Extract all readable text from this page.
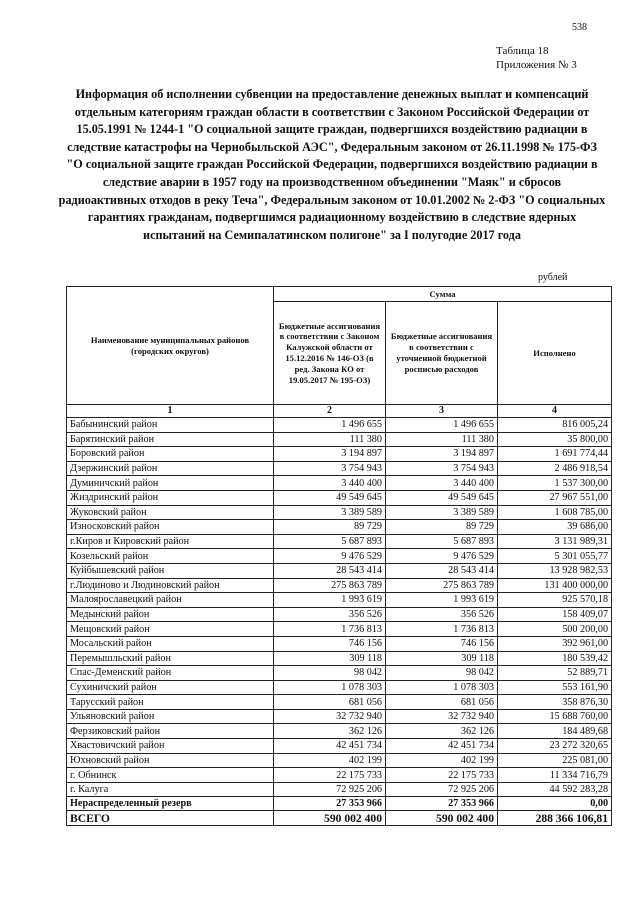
538
Таблица 18
Приложения № 3
Информация об исполнении субвенции на предоставление денежных выплат и компенсаций отдельным категориям граждан области в соответствии с Законом Российской Федерации от 15.05.1991 № 1244-1 "О социальной защите граждан, подвергшихся воздействию радиации в следствие катастрофы на Чернобыльской АЭС", Федеральным законом от 26.11.1998 № 175-ФЗ "О социальной защите граждан Российской Федерации, подвергшихся воздействию радиации в следствие аварии в 1957 году на производственном объединении "Маяк" и сбросов радиоактивных отходов в реку Теча", Федеральным законом от 10.01.2002 № 2-ФЗ "О социальных гарантиях гражданам, подвергшимся радиационному воздействию в следствие ядерных испытаний на Семипалатинском полигоне" за I полугодие 2017 года
рублей
Наименование муниципальных районов (городских округов)	Сумма		
	Бюджетные ассигнования в соответствии с Законом Калужской области от 15.12.2016 № 146-ОЗ (в ред. Закона КО от 19.05.2017 № 195-ОЗ)	Бюджетные ассигнования в соответствии с уточненной бюджетной росписью расходов	Исполнено
1	2	3	4
Бабынинский район	1 496 655	1 496 655	816 005,24
Барятинский район	111 380	111 380	35 800,00
Боровский район	3 194 897	3 194 897	1 691 774,44
Дзержинский район	3 754 943	3 754 943	2 486 918,54
Думиничский район	3 440 400	3 440 400	1 537 300,00
Жиздринский район	49 549 645	49 549 645	27 967 551,00
Жуковский район	3 389 589	3 389 589	1 608 785,00
Износковский район	89 729	89 729	39 686,00
г.Киров и Кировский район	5 687 893	5 687 893	3 131 989,31
Козельский район	9 476 529	9 476 529	5 301 055,77
Куйбышевский район	28 543 414	28 543 414	13 928 982,53
г.Людиново и Людиновский район	275 863 789	275 863 789	131 400 000,00
Малоярославецкий район	1 993 619	1 993 619	925 570,18
Медынский район	356 526	356 526	158 409,07
Мещовский район	1 736 813	1 736 813	500 200,00
Мосальский район	746 156	746 156	392 961,00
Перемышльский район	309 118	309 118	180 539,42
Спас-Деменский район	98 042	98 042	52 889,71
Сухиничский район	1 078 303	1 078 303	553 161,90
Тарусский район	681 056	681 056	358 876,30
Ульяновский район	32 732 940	32 732 940	15 688 760,00
Ферзиковский район	362 126	362 126	184 489,68
Хвастовичский район	42 451 734	42 451 734	23 272 320,65
Юхновский район	402 199	402 199	225 081,00
г. Обнинск	22 175 733	22 175 733	11 334 716,79
г. Калуга	72 925 206	72 925 206	44 592 283,28
Нераспределенный резерв	27 353 966	27 353 966	0,00
ВСЕГО	590 002 400	590 002 400	288 366 106,81
